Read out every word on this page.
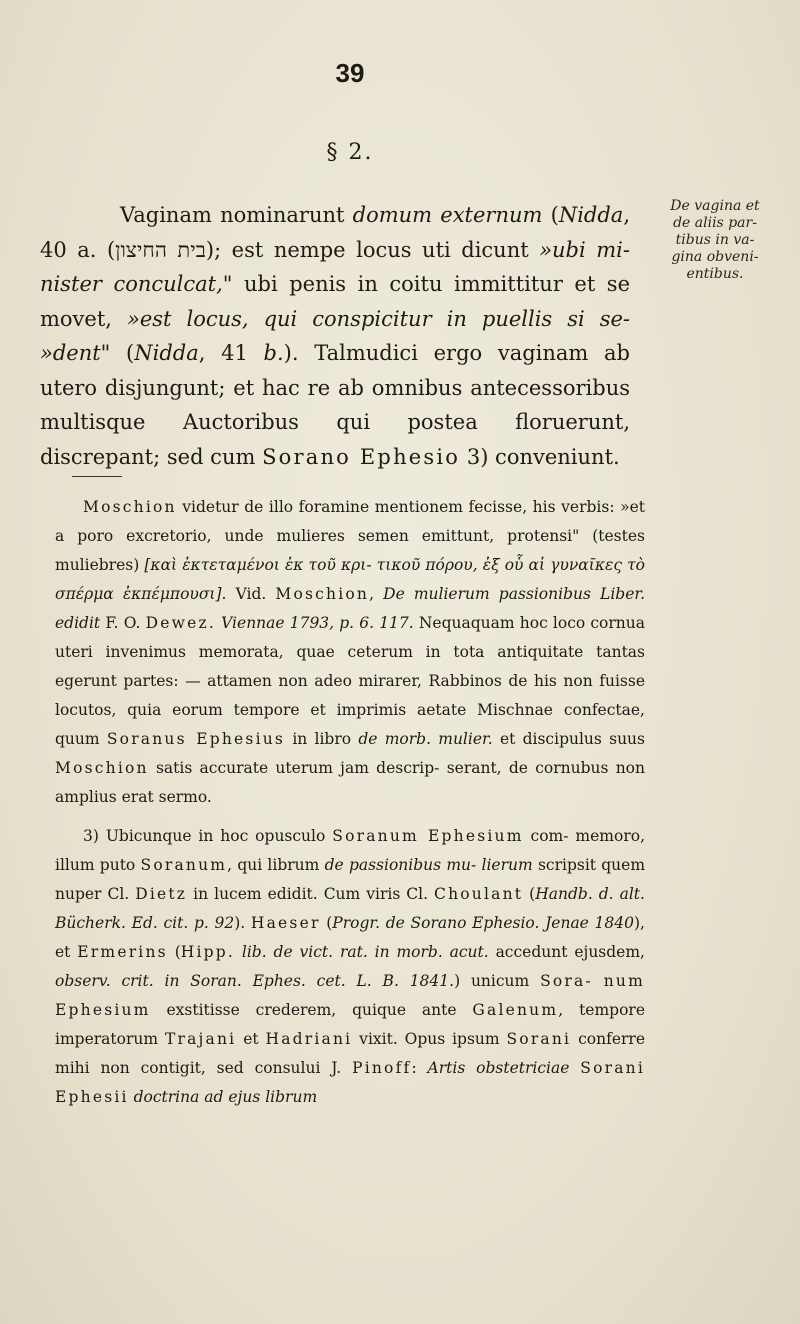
39
§ 2.

Vaginam nominarunt domum externum (Nidda, 40 a. (בית החיצון); est nempe locus uti dicunt »ubi mi- nister conculcat," ubi penis in coitu immittitur et se movet, »est locus, qui conspicitur in puellis si se- »dent" (Nidda, 41 b.). Talmudici ergo vaginam ab utero disjungunt; et hac re ab omnibus antecessoribus multisque Auctoribus qui postea floruerunt, discrepant; sed cum Sorano Ephesio 3) conveniunt.

De vagina et
de aliis par-
tibus in va-
gina obveni-
entibus.

Moschion videtur de illo foramine mentionem fecisse, his verbis: »et a poro excretorio, unde mulieres semen emittunt, protensi" (testes muliebres) [καὶ ἐκτεταμένοι ἐκ τοῦ κρι- τικοῦ πόρου, ἐξ οὗ αἱ γυναῖκες τὸ σπέρμα ἐκπέμπουσι]. Vid. Moschion, De mulierum passionibus Liber. edidit F. O. Dewez. Viennae 1793, p. 6. 117. Nequaquam hoc loco cornua uteri invenimus memorata, quae ceterum in tota antiquitate tantas egerunt partes: — attamen non adeo mirarer, Rabbinos de his non fuisse locutos, quia eorum tempore et imprimis aetate Mischnae confectae, quum Soranus Ephesius in libro de morb. mulier. et discipulus suus Moschion satis accurate uterum jam descrip- serant, de cornubus non amplius erat sermo.

3) Ubicunque in hoc opusculo Soranum Ephesium com- memoro, illum puto Soranum, qui librum de passionibus mu- lierum scripsit quem nuper Cl. Dietz in lucem edidit. Cum viris Cl. Choulant (Handb. d. alt. Bücherk. Ed. cit. p. 92). Haeser (Progr. de Sorano Ephesio. Jenae 1840), et Ermerins (Hipp. lib. de vict. rat. in morb. acut. accedunt ejusdem, observ. crit. in Soran. Ephes. cet. L. B. 1841.) unicum Sora- num Ephesium exstitisse crederem, quique ante Galenum, tempore imperatorum Trajani et Hadriani vixit. Opus ipsum Sorani conferre mihi non contigit, sed consului J. Pinoff: Artis obstetriciae Sorani Ephesii doctrina ad ejus librum
